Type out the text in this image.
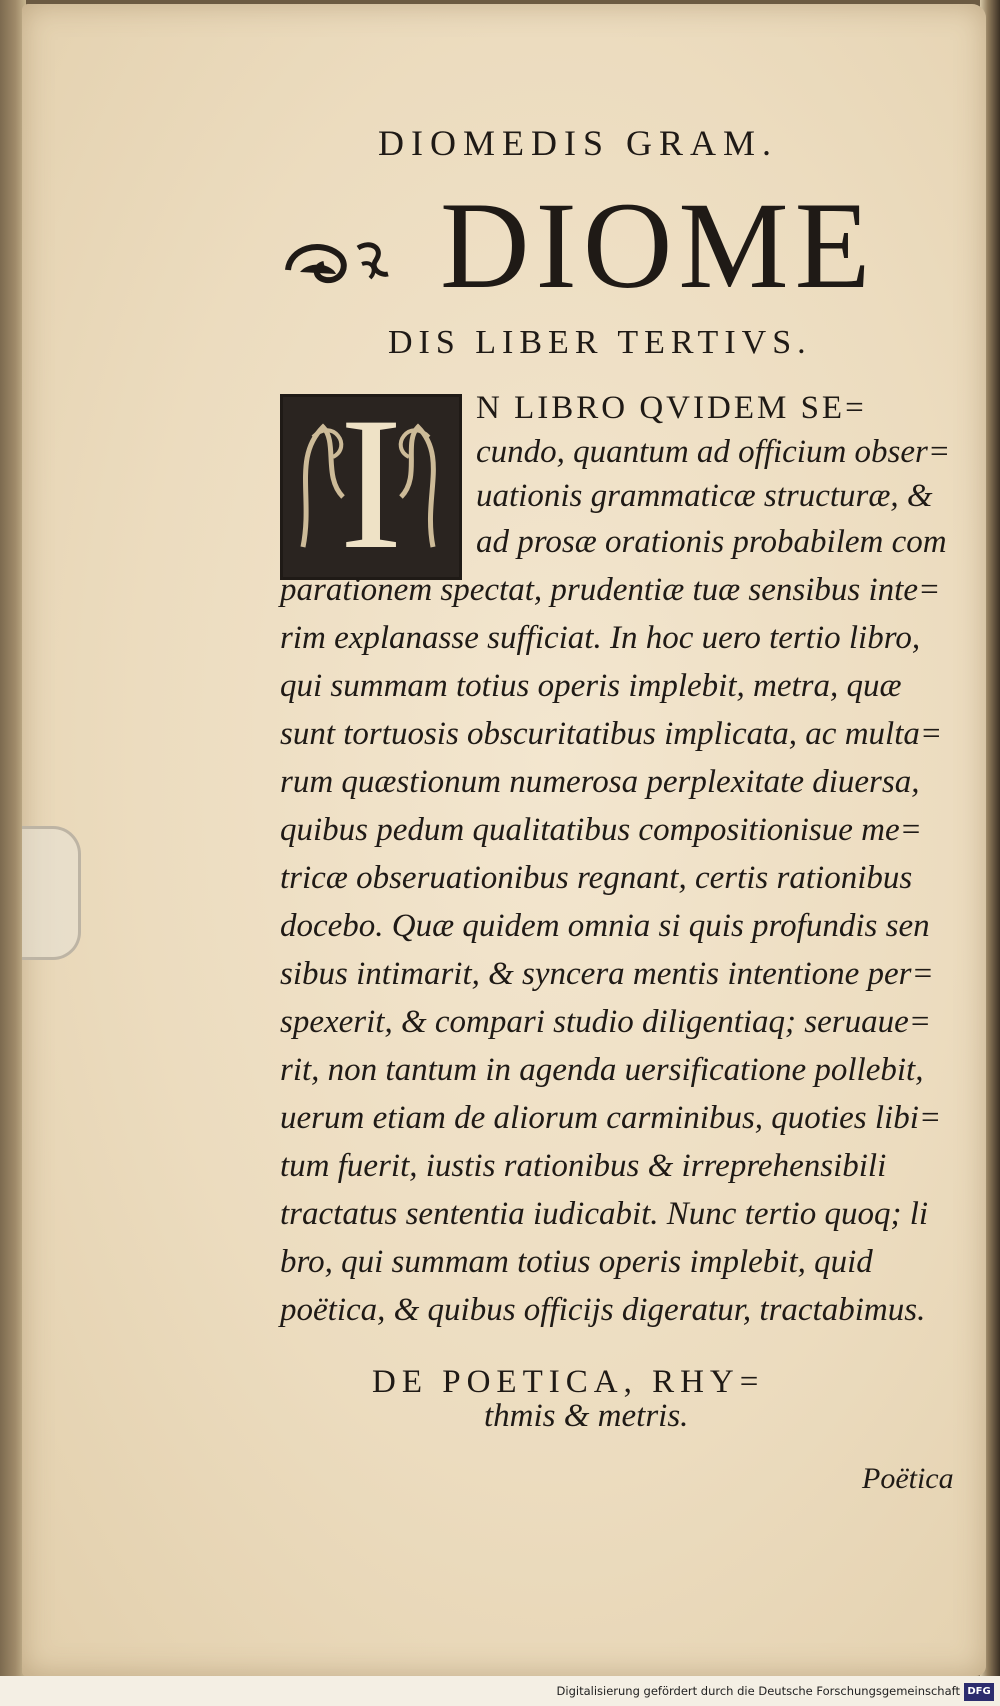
DIOMEDIS GRAM.
DIOME
DIS LIBER TERTIVS.
I	N LIBRO QVIDEM SE=
cundo, quantum ad officium obser=
uationis grammaticæ structuræ, &
ad prosæ orationis probabilem com
parationem spectat, prudentiæ tuæ sensibus inte=
rim explanasse sufficiat. In hoc uero tertio libro,
qui summam totius operis implebit, metra, quæ
sunt tortuosis obscuritatibus implicata, ac multa=
rum quæstionum numerosa perplexitate diuersa,
quibus pedum qualitatibus compositionisue me=
tricæ obseruationibus regnant, certis rationibus
docebo. Quæ quidem omnia si quis profundis sen
sibus intimarit, & syncera mentis intentione per=
spexerit, & compari studio diligentiaq; seruaue=
rit, non tantum in agenda uersificatione pollebit,
uerum etiam de aliorum carminibus, quoties libi=
tum fuerit, iustis rationibus & irreprehensibili
tractatus sententia iudicabit. Nunc tertio quoq; li
bro, qui summam totius operis implebit, quid
poëtica, & quibus officijs digeratur, tractabimus.
DE POETICA, RHY=
thmis & metris.
Poëtica
Digitalisierung gefördert durch die Deutsche Forschungsgemeinschaft DFG
